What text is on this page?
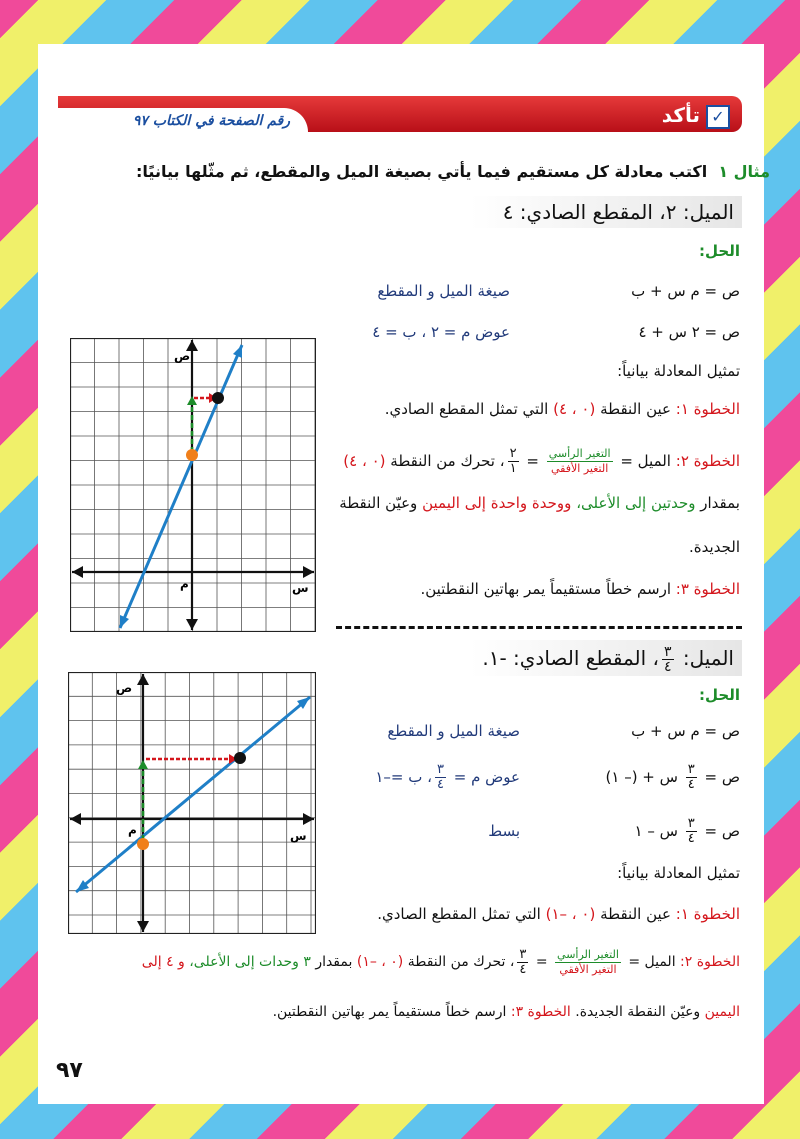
رقم الصفحة في الكتاب ٩٧	✓تأكد
مثال ١  اكتب معادلة كل مستقيم فيما يأتي بصيغة الميل والمقطع، ثم مثّلها بيانيًا:
الميل: ٢، المقطع الصادي: ٤
الحل:
ص = م س + ب
صيغة الميل و المقطع
ص = ٢ س + ٤
عوض م = ٢ ، ب = ٤
تمثيل المعادلة بيانياً:
الخطوة ١: عين النقطة (٠ ، ٤) التي تمثل المقطع الصادي.
الخطوة ٢: الميل =
$\frac{\text{التغير الرأسي}}{\text{التغير الأفقي}}$
=
$\frac{٢}{١}$
، تحرك من النقطة (٠ ، ٤)
بمقدار وحدتين إلى الأعلى، ووحدة واحدة إلى اليمين وعيّن النقطة
الجديدة.
الخطوة ٣: ارسم خطاً مستقيماً يمر بهاتين النقطتين.
ص
م	س
الميل:
$\frac{٣}{٤}$
، المقطع الصادي: -١.
الحل:
ص = م س + ب
صيغة الميل و المقطع
ص =
$\frac{٣}{٤}$
س + (– ١)
عوض م =
$\frac{٣}{٤}$
، ب =–١
ص =
$\frac{٣}{٤}$
س – ١
بسط
تمثيل المعادلة بيانياً:
الخطوة ١: عين النقطة (٠ ، –١) التي تمثل المقطع الصادي.
الخطوة ٢: الميل =
$\frac{\text{التغير الرأسي}}{\text{التغير الأفقي}}$
=
$\frac{٣}{٤}$
، تحرك من النقطة (٠ ، –١) بمقدار ٣ وحدات إلى الأعلى، و ٤ إلى
اليمين وعيّن النقطة الجديدة. الخطوة ٣: ارسم خطاً مستقيماً يمر بهاتين النقطتين.
ص
م	س
٩٧
